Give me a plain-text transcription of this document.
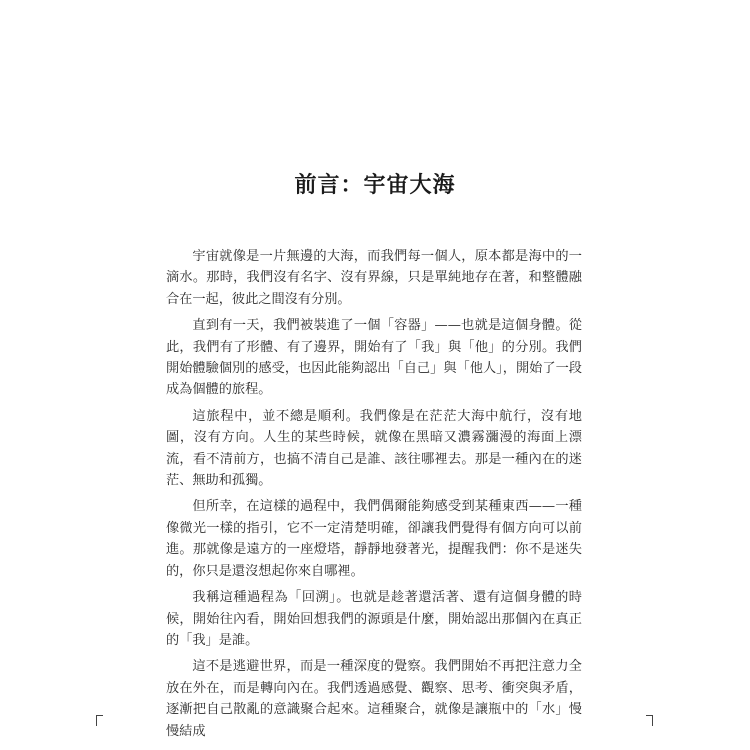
前言：宇宙大海

宇宙就像是一片無邊的大海，而我們每一個人，原本都是海中的一滴水。那時，我們沒有名字、沒有界線，只是單純地存在著，和整體融合在一起，彼此之間沒有分別。

直到有一天，我們被裝進了一個「容器」——也就是這個身體。從此，我們有了形體、有了邊界，開始有了「我」與「他」的分別。我們開始體驗個別的感受，也因此能夠認出「自己」與「他人」，開始了一段成為個體的旅程。

這旅程中，並不總是順利。我們像是在茫茫大海中航行，沒有地圖，沒有方向。人生的某些時候，就像在黑暗又濃霧瀰漫的海面上漂流，看不清前方，也搞不清自己是誰、該往哪裡去。那是一種內在的迷茫、無助和孤獨。

但所幸，在這樣的過程中，我們偶爾能夠感受到某種東西——一種像微光一樣的指引，它不一定清楚明確，卻讓我們覺得有個方向可以前進。那就像是遠方的一座燈塔，靜靜地發著光，提醒我們：你不是迷失的，你只是還沒想起你來自哪裡。

我稱這種過程為「回溯」。也就是趁著還活著、還有這個身體的時候，開始往內看，開始回想我們的源頭是什麼，開始認出那個內在真正的「我」是誰。

這不是逃避世界，而是一種深度的覺察。我們開始不再把注意力全放在外在，而是轉向內在。我們透過感覺、觀察、思考、衝突與矛盾，逐漸把自己散亂的意識聚合起來。這種聚合，就像是讓瓶中的「水」慢慢結成
